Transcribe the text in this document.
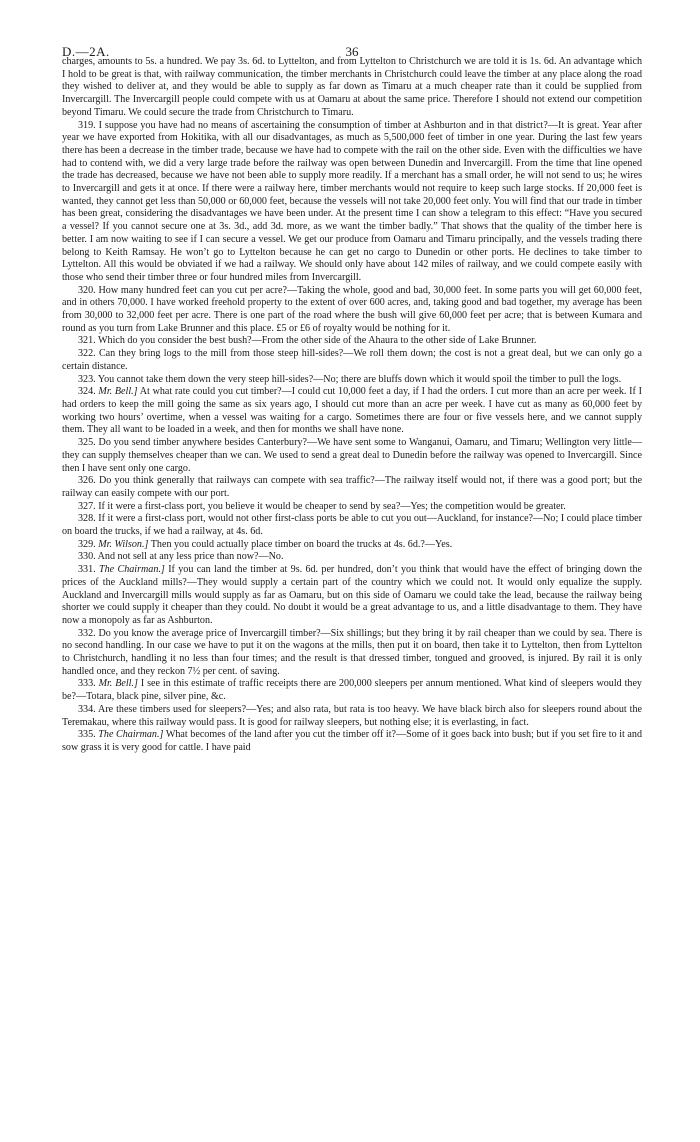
D.—2A.	36

charges, amounts to 5s. a hundred. We pay 3s. 6d. to Lyttelton, and from Lyttelton to Christchurch we are told it is 1s. 6d. An advantage which I hold to be great is that, with railway communication, the timber merchants in Christchurch could leave the timber at any place along the road they wished to deliver at, and they would be able to supply as far down as Timaru at a much cheaper rate than it could be supplied from Invercargill. The Invercargill people could compete with us at Oamaru at about the same price. Therefore I should not extend our competition beyond Timaru. We could secure the trade from Christchurch to Timaru.

319. I suppose you have had no means of ascertaining the consumption of timber at Ashburton and in that district?—It is great. Year after year we have exported from Hokitika, with all our disadvantages, as much as 5,500,000 feet of timber in one year. During the last few years there has been a decrease in the timber trade, because we have had to compete with the rail on the other side. Even with the difficulties we have had to contend with, we did a very large trade before the railway was open between Dunedin and Invercargill. From the time that line opened the trade has decreased, because we have not been able to supply more readily. If a merchant has a small order, he will not send to us; he wires to Invercargill and gets it at once. If there were a railway here, timber merchants would not require to keep such large stocks. If 20,000 feet is wanted, they cannot get less than 50,000 or 60,000 feet, because the vessels will not take 20,000 feet only. You will find that our trade in timber has been great, considering the disadvantages we have been under. At the present time I can show a telegram to this effect: “Have you secured a vessel? If you cannot secure one at 3s. 3d., add 3d. more, as we want the timber badly.” That shows that the quality of the timber here is better. I am now waiting to see if I can secure a vessel. We get our produce from Oamaru and Timaru principally, and the vessels trading there belong to Keith Ramsay. He won’t go to Lyttelton because he can get no cargo to Dunedin or other ports. He declines to take timber to Lyttelton. All this would be obviated if we had a railway. We should only have about 142 miles of railway, and we could compete easily with those who send their timber three or four hundred miles from Invercargill.

320. How many hundred feet can you cut per acre?—Taking the whole, good and bad, 30,000 feet. In some parts you will get 60,000 feet, and in others 70,000. I have worked freehold property to the extent of over 600 acres, and, taking good and bad together, my average has been from 30,000 to 32,000 feet per acre. There is one part of the road where the bush will give 60,000 feet per acre; that is between Kumara and round as you turn from Lake Brunner and this place. £5 or £6 of royalty would be nothing for it.

321. Which do you consider the best bush?—From the other side of the Ahaura to the other side of Lake Brunner.

322. Can they bring logs to the mill from those steep hill-sides?—We roll them down; the cost is not a great deal, but we can only go a certain distance.

323. You cannot take them down the very steep hill-sides?—No; there are bluffs down which it would spoil the timber to pull the logs.

324. Mr. Bell.] At what rate could you cut timber?—I could cut 10,000 feet a day, if I had the orders. I cut more than an acre per week. If I had orders to keep the mill going the same as six years ago, I should cut more than an acre per week. I have cut as many as 60,000 feet by working two hours’ overtime, when a vessel was waiting for a cargo. Sometimes there are four or five vessels here, and we cannot supply them. They all want to be loaded in a week, and then for months we shall have none.

325. Do you send timber anywhere besides Canterbury?—We have sent some to Wanganui, Oamaru, and Timaru; Wellington very little—they can supply themselves cheaper than we can. We used to send a great deal to Dunedin before the railway was opened to Invercargill. Since then I have sent only one cargo.

326. Do you think generally that railways can compete with sea traffic?—The railway itself would not, if there was a good port; but the railway can easily compete with our port.

327. If it were a first-class port, you believe it would be cheaper to send by sea?—Yes; the competition would be greater.

328. If it were a first-class port, would not other first-class ports be able to cut you out—Auckland, for instance?—No; I could place timber on board the trucks, if we had a railway, at 4s. 6d.

329. Mr. Wilson.] Then you could actually place timber on board the trucks at 4s. 6d.?—Yes.

330. And not sell at any less price than now?—No.

331. The Chairman.] If you can land the timber at 9s. 6d. per hundred, don’t you think that would have the effect of bringing down the prices of the Auckland mills?—They would supply a certain part of the country which we could not. It would only equalize the supply. Auckland and Invercargill mills would supply as far as Oamaru, but on this side of Oamaru we could take the lead, because the railway being shorter we could supply it cheaper than they could. No doubt it would be a great advantage to us, and a little disadvantage to them. They have now a monopoly as far as Ashburton.

332. Do you know the average price of Invercargill timber?—Six shillings; but they bring it by rail cheaper than we could by sea. There is no second handling. In our case we have to put it on the wagons at the mills, then put it on board, then take it to Lyttelton, then from Lyttelton to Christchurch, handling it no less than four times; and the result is that dressed timber, tongued and grooved, is injured. By rail it is only handled once, and they reckon 7½ per cent. of saving.

333. Mr. Bell.] I see in this estimate of traffic receipts there are 200,000 sleepers per annum mentioned. What kind of sleepers would they be?—Totara, black pine, silver pine, &c.

334. Are these timbers used for sleepers?—Yes; and also rata, but rata is too heavy. We have black birch also for sleepers round about the Teremakau, where this railway would pass. It is good for railway sleepers, but nothing else; it is everlasting, in fact.

335. The Chairman.] What becomes of the land after you cut the timber off it?—Some of it goes back into bush; but if you set fire to it and sow grass it is very good for cattle. I have paid
